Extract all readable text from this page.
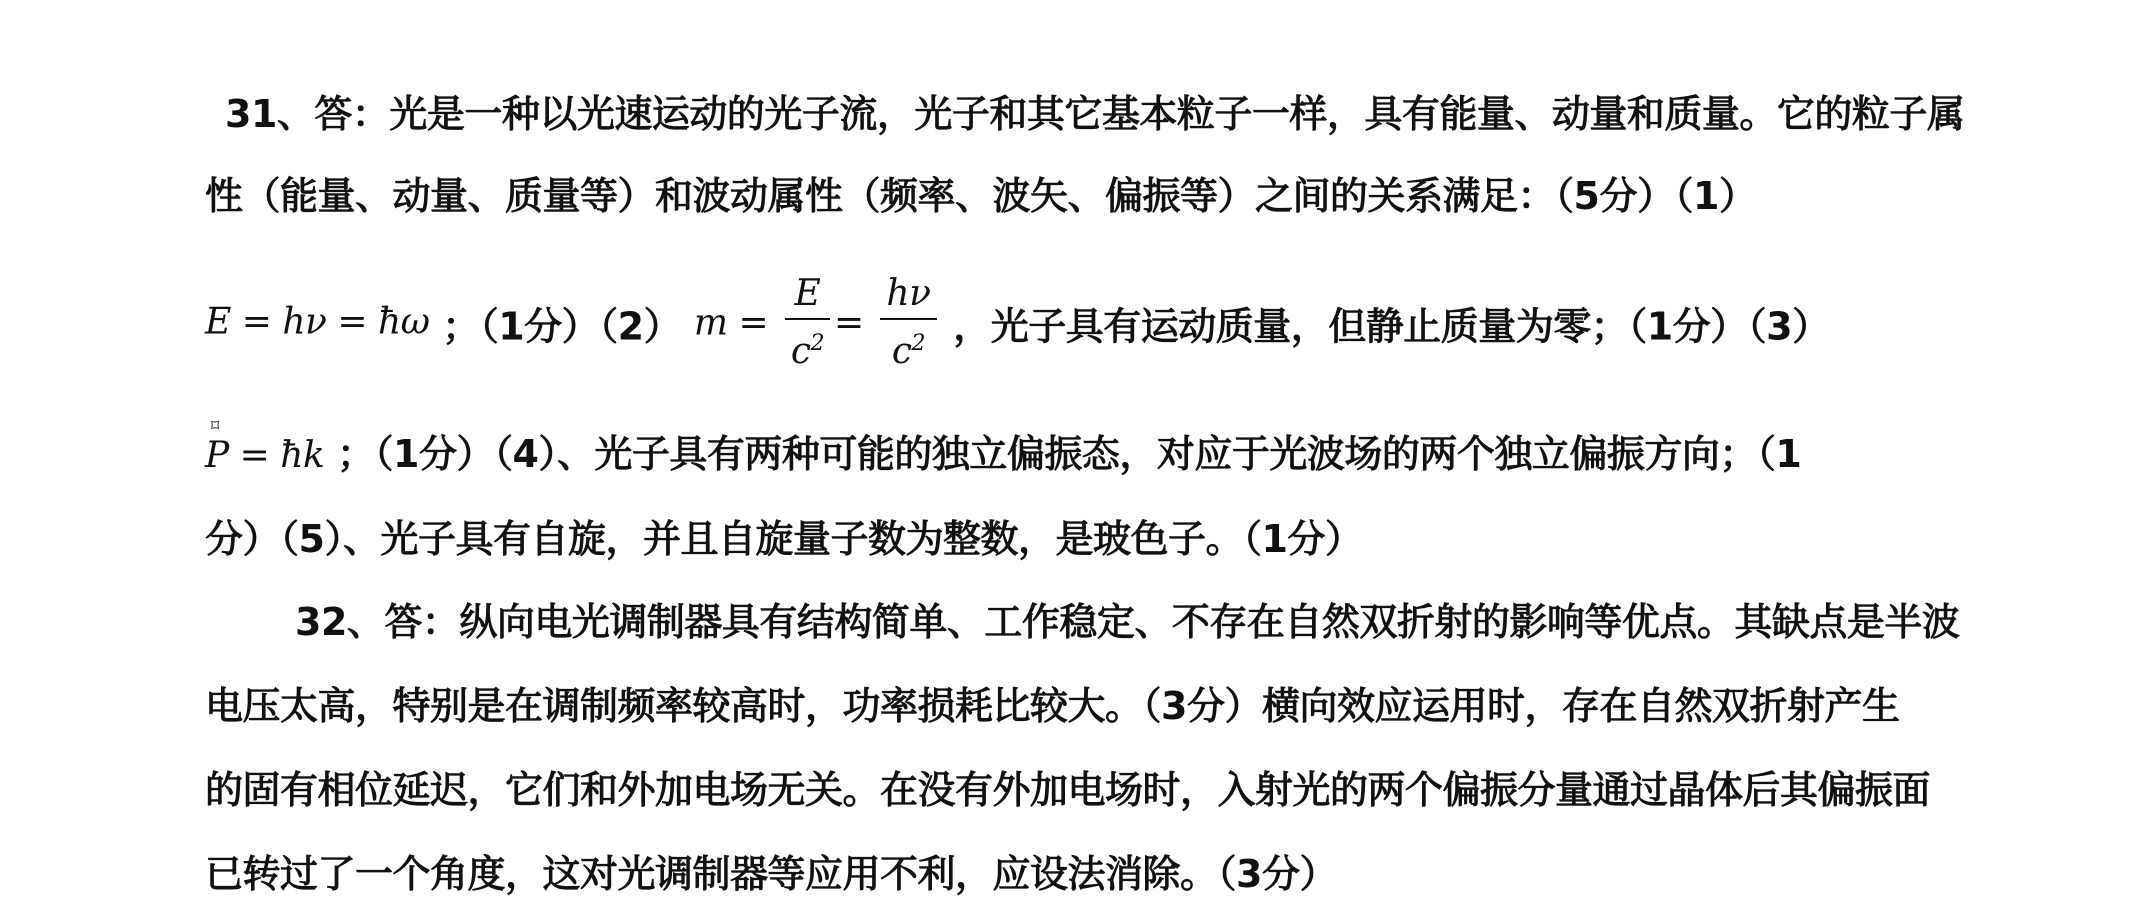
31、答：光是一种以光速运动的光子流，光子和其它基本粒子一样，具有能量、动量和质量。它的粒子属
性（能量、动量、质量等）和波动属性（频率、波矢、偏振等）之间的关系满足：（5分）（1）
E = hν = ħω ；（1分）（2） $m = \frac{E}{c^2} = \frac{h\nu}{c^2}$ ，光子具有运动质量，但静止质量为零；（1分）（3）
⌑
P = ħk ；（1分）（4）、光子具有两种可能的独立偏振态，对应于光波场的两个独立偏振方向；（1
分）（5）、光子具有自旋，并且自旋量子数为整数，是玻色子。（1分）
32、答：纵向电光调制器具有结构简单、工作稳定、不存在自然双折射的影响等优点。其缺点是半波
电压太高，特别是在调制频率较高时，功率损耗比较大。（3分）横向效应运用时，存在自然双折射产生
的固有相位延迟，它们和外加电场无关。在没有外加电场时，入射光的两个偏振分量通过晶体后其偏振面
已转过了一个角度，这对光调制器等应用不利，应设法消除。（3分）
